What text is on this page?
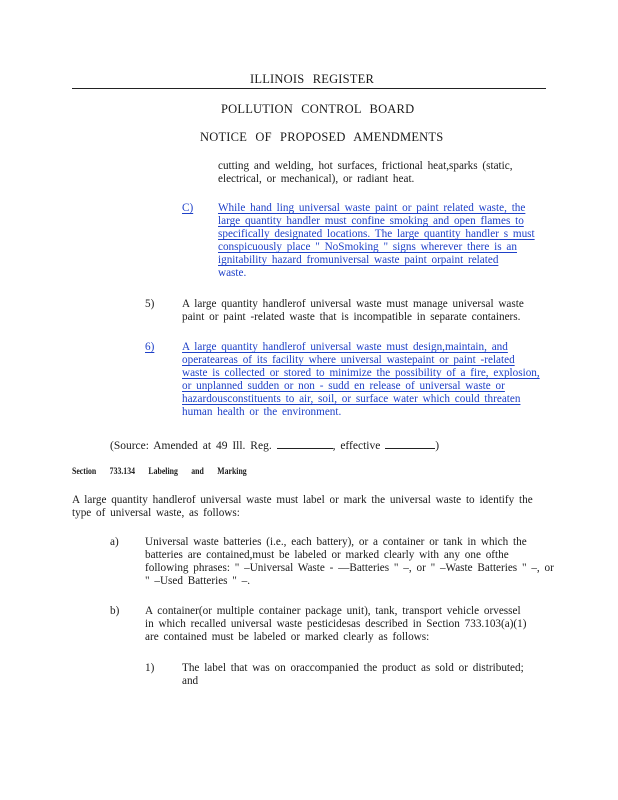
ILLINOIS REGISTER
POLLUTION CONTROL BOARD
NOTICE OF PROPOSED AMENDMENTS
cutting and welding, hot surfaces, frictional heat,sparks (static,
electrical, or mechanical), or radiant heat.
C) While hand ling universal waste paint or paint related waste, the
large quantity handler must confine smoking and open flames to
specifically designated locations. The large quantity handler s must
conspicuously place " NoSmoking " signs wherever there is an
ignitability hazard fromuniversal waste paint orpaint related
waste.
5) A large quantity handlerof universal waste must manage universal waste
paint or paint -related waste that is incompatible in separate containers.
6) A large quantity handlerof universal waste must design,maintain, and
operateareas of its facility where universal wastepaint or paint -related
waste is collected or stored to minimize the possibility of a fire, explosion,
or unplanned sudden or non - sudd en release of universal waste or
hazardousconstituents to air, soil, or surface water which could threaten
human health or the environment.
(Source: Amended at 49 Ill. Reg.	, effective	)
Section 733.134 Labeling and Marking
A large quantity handlerof universal waste must label or mark the universal waste to identify the
type of universal waste, as follows:
a) Universal waste batteries (i.e., each battery), or a container or tank in which the
batteries are contained,must be labeled or marked clearly with any one ofthe
following phrases: " –Universal Waste - —Batteries " –, or " –Waste Batteries " –, or
" –Used Batteries " –.
b) A container(or multiple container package unit), tank, transport vehicle orvessel
in which recalled universal waste pesticidesas described in Section 733.103(a)(1)
are contained must be labeled or marked clearly as follows:
1) The label that was on oraccompanied the product as sold or distributed;
and
